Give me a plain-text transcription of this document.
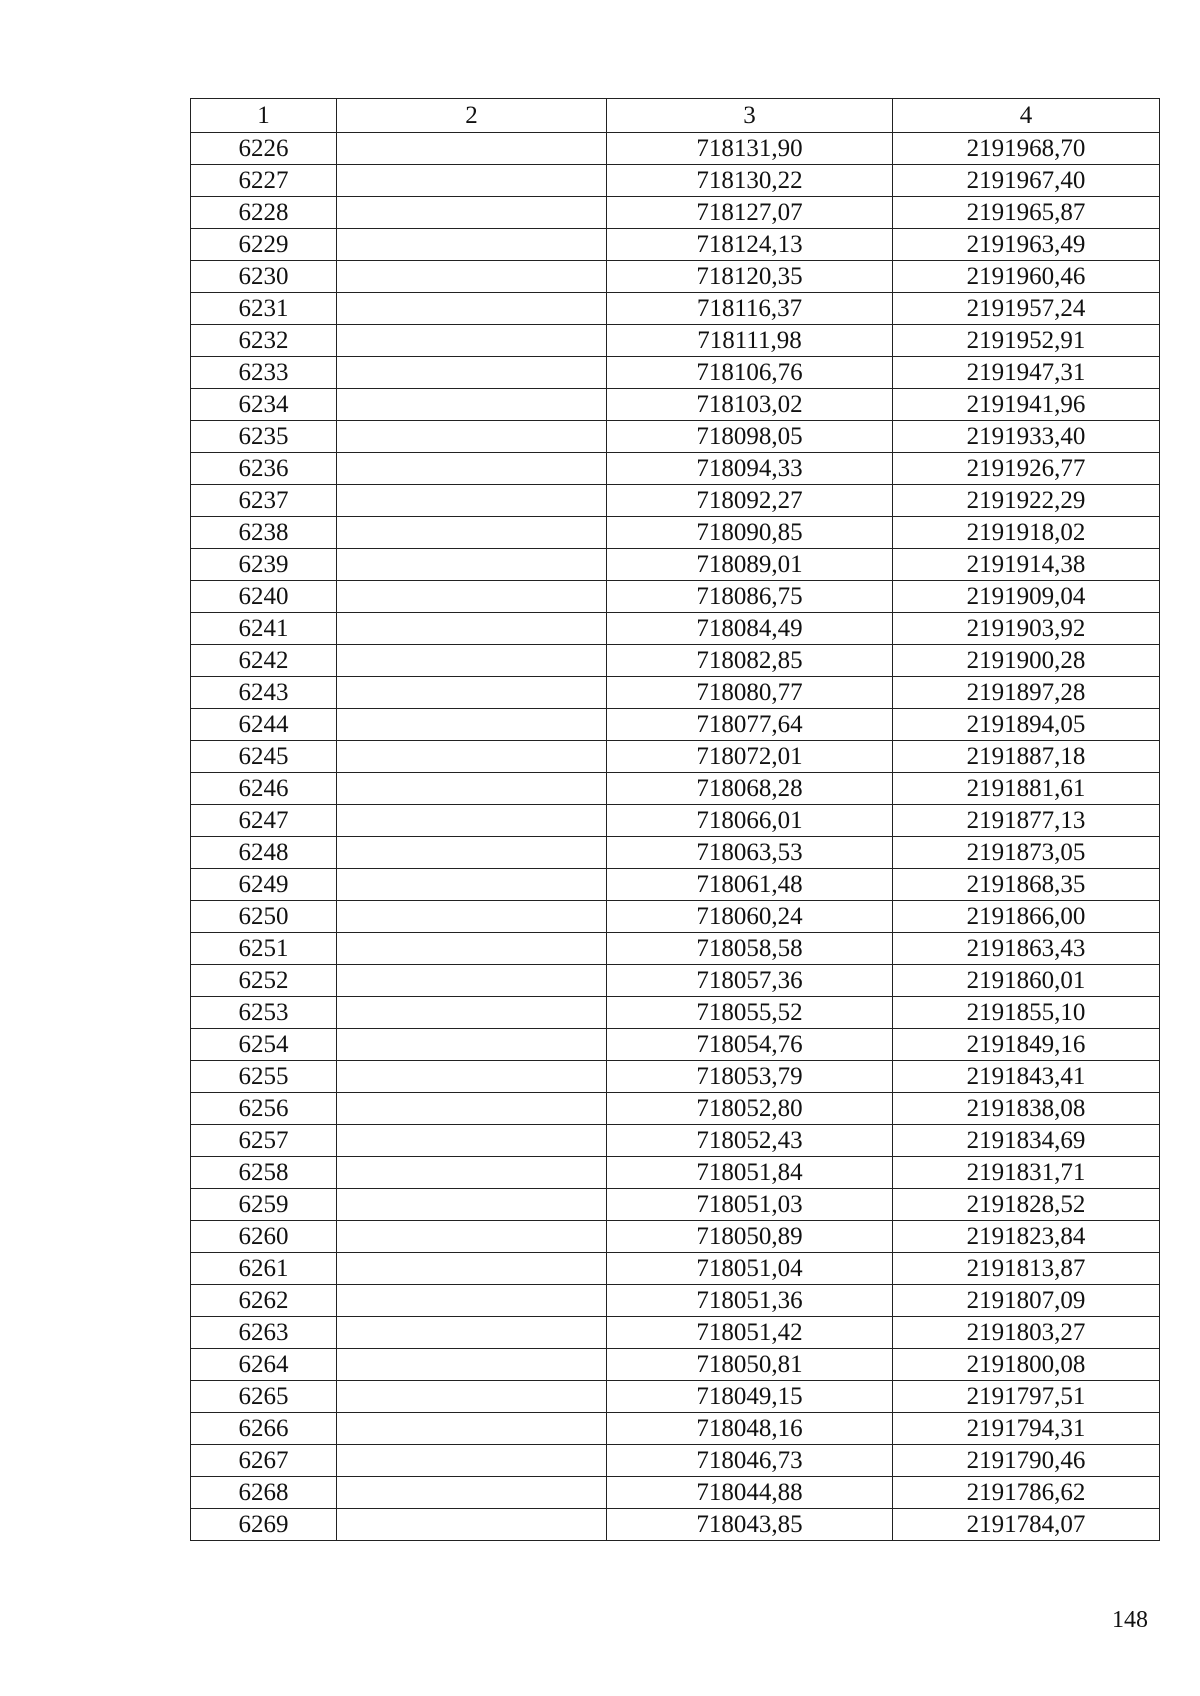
1	2	3	4
6226		718131,90	2191968,70
6227		718130,22	2191967,40
6228		718127,07	2191965,87
6229		718124,13	2191963,49
6230		718120,35	2191960,46
6231		718116,37	2191957,24
6232		718111,98	2191952,91
6233		718106,76	2191947,31
6234		718103,02	2191941,96
6235		718098,05	2191933,40
6236		718094,33	2191926,77
6237		718092,27	2191922,29
6238		718090,85	2191918,02
6239		718089,01	2191914,38
6240		718086,75	2191909,04
6241		718084,49	2191903,92
6242		718082,85	2191900,28
6243		718080,77	2191897,28
6244		718077,64	2191894,05
6245		718072,01	2191887,18
6246		718068,28	2191881,61
6247		718066,01	2191877,13
6248		718063,53	2191873,05
6249		718061,48	2191868,35
6250		718060,24	2191866,00
6251		718058,58	2191863,43
6252		718057,36	2191860,01
6253		718055,52	2191855,10
6254		718054,76	2191849,16
6255		718053,79	2191843,41
6256		718052,80	2191838,08
6257		718052,43	2191834,69
6258		718051,84	2191831,71
6259		718051,03	2191828,52
6260		718050,89	2191823,84
6261		718051,04	2191813,87
6262		718051,36	2191807,09
6263		718051,42	2191803,27
6264		718050,81	2191800,08
6265		718049,15	2191797,51
6266		718048,16	2191794,31
6267		718046,73	2191790,46
6268		718044,88	2191786,62
6269		718043,85	2191784,07
148
